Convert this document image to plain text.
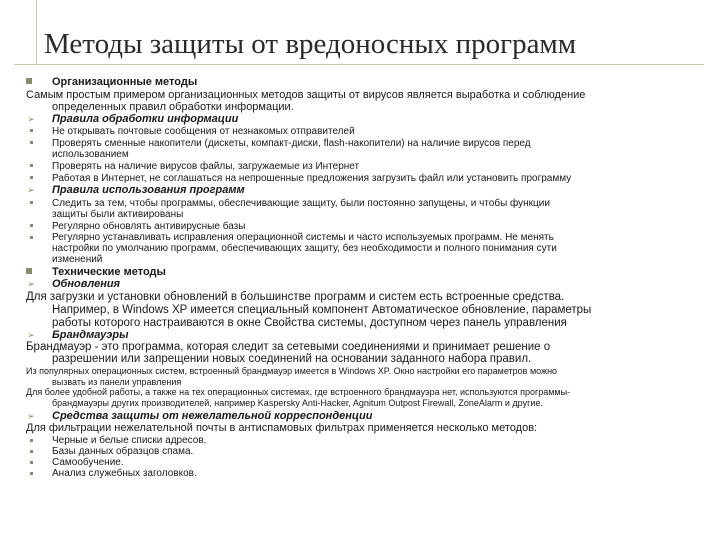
Методы защиты от вредоносных программ
Организационные методы
Самым простым примером организационных методов защиты от вирусов является выработка и соблюдение
определенных правил обработки информации.
➢ Правила обработки информации
Не открывать почтовые сообщения от незнакомых отправителей
Проверять сменные накопители (дискеты, компакт-диски, flash-накопители) на наличие вирусов перед
использованием
Проверять на наличие вирусов файлы, загружаемые из Интернет
Работая в Интернет, не соглашаться на непрошенные предложения загрузить файл или установить программу
➢ Правила использования программ
Следить за тем, чтобы программы, обеспечивающие защиту, были постоянно запущены, и чтобы функции
защиты были активированы
Регулярно обновлять антивирусные базы
Регулярно устанавливать исправления операционной системы и часто используемых программ. Не менять
настройки по умолчанию программ, обеспечивающих защиту, без необходимости и полного понимания сути
изменений
Технические методы
➢ Обновления
Для загрузки и установки обновлений в большинстве программ и систем есть встроенные средства.
Например, в Windows XP имеется специальный компонент Автоматическое обновление, параметры
работы которого настраиваются в окне Свойства системы, доступном через панель управления
➢ Брандмауэры
Брандмауэр - это программа, которая следит за сетевыми соединениями и принимает решение о
разрешении или запрещении новых соединений на основании заданного набора правил.
Из популярных операционных систем, встроенный брандмауэр имеется в Windows XP. Окно настройки его параметров можно
вызвать из панели управления
Для более удобной работы, а также на тех операционных системах, где встроенного брандмауэра нет, используются программы-
брандмауэры других производителей, например Kaspersky Anti-Hacker, Agnitum Outpost Firewall, ZoneAlarm и другие.
➢ Средства защиты от нежелательной корреспонденции
Для фильтрации нежелательной почты в антиспамовых фильтрах применяется несколько методов:
Черные и белые списки адресов.
Базы данных образцов спама.
Самообучение.
Анализ служебных заголовков.
